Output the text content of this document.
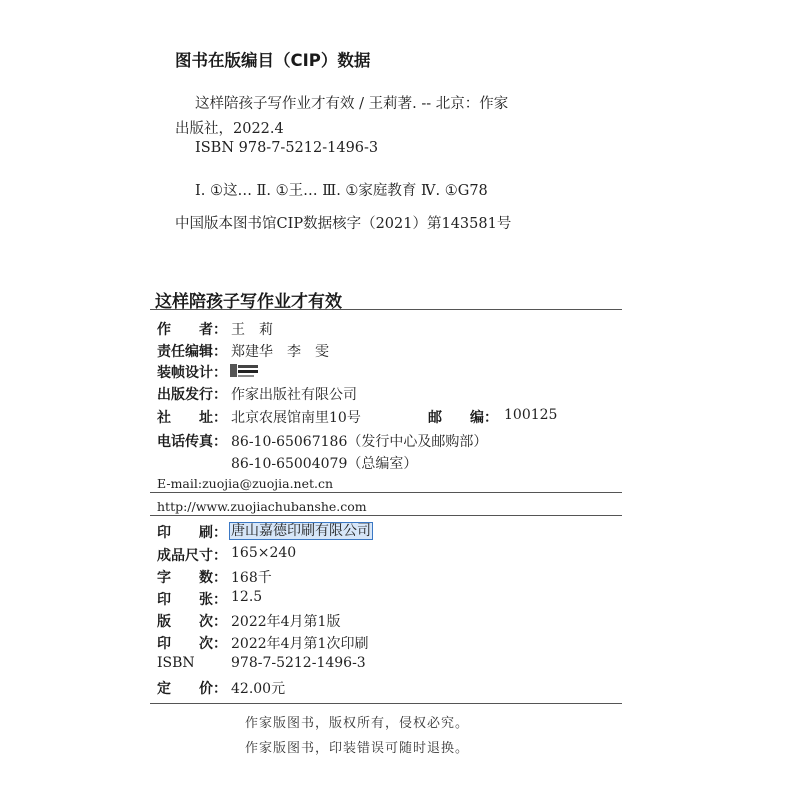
图书在版编目（CIP）数据
这样陪孩子写作业才有效 / 王莉著. -- 北京：作家
出版社，2022.4
ISBN 978-7-5212-1496-3
Ⅰ. ①这… Ⅱ. ①王… Ⅲ. ①家庭教育 Ⅳ. ①G78
中国版本图书馆CIP数据核字（2021）第143581号
这样陪孩子写作业才有效
作　　者： 王　莉
责任编辑： 郑建华　李　雯
装帧设计：
出版发行： 作家出版社有限公司
社　　址： 北京农展馆南里10号	邮　　编： 100125
电话传真： 86-10-65067186（发行中心及邮购部）
86-10-65004079（总编室）
E-mail:zuojia@zuojia.net.cn
http://www.zuojiachubanshe.com
印　　刷： 唐山嘉德印刷有限公司
成品尺寸： 165×240
字　　数： 168千
印　　张： 12.5
版　　次： 2022年4月第1版
印　　次： 2022年4月第1次印刷
ISBN	978-7-5212-1496-3
定　　价： 42.00元
作家版图书，版权所有，侵权必究。
作家版图书，印装错误可随时退换。
